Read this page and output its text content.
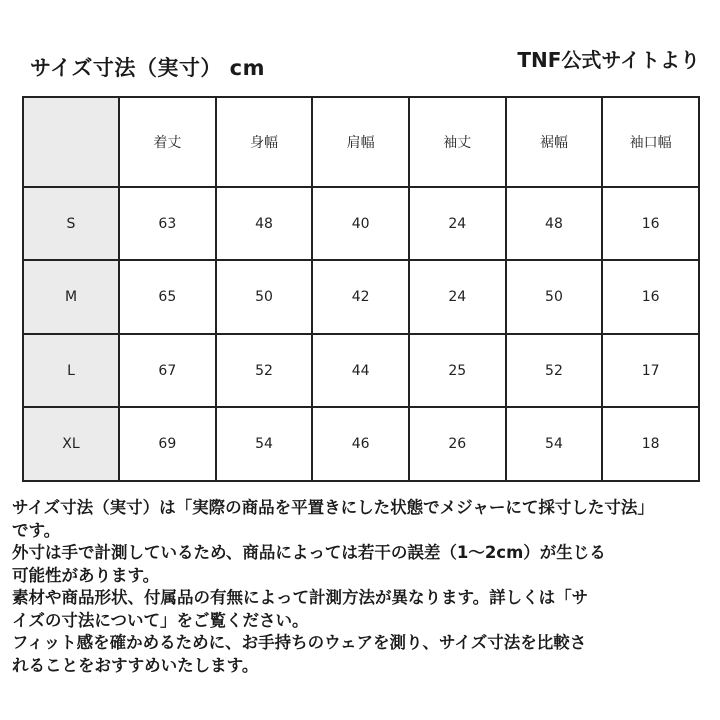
サイズ寸法（実寸） cm	TNF公式サイトより
	着丈	身幅	肩幅	袖丈	裾幅	袖口幅
S	63	48	40	24	48	16
M	65	50	42	24	50	16
L	67	52	44	25	52	17
XL	69	54	46	26	54	18

サイズ寸法（実寸）は「実際の商品を平置きにした状態でメジャーにて採寸した寸法」

です。

外寸は手で計測しているため、商品によっては若干の誤差（1〜2cm）が生じる

可能性があります。

素材や商品形状、付属品の有無によって計測方法が異なります。詳しくは「サ

イズの寸法について」をご覧ください。

フィット感を確かめるために、お手持ちのウェアを測り、サイズ寸法を比較さ

れることをおすすめいたします。
